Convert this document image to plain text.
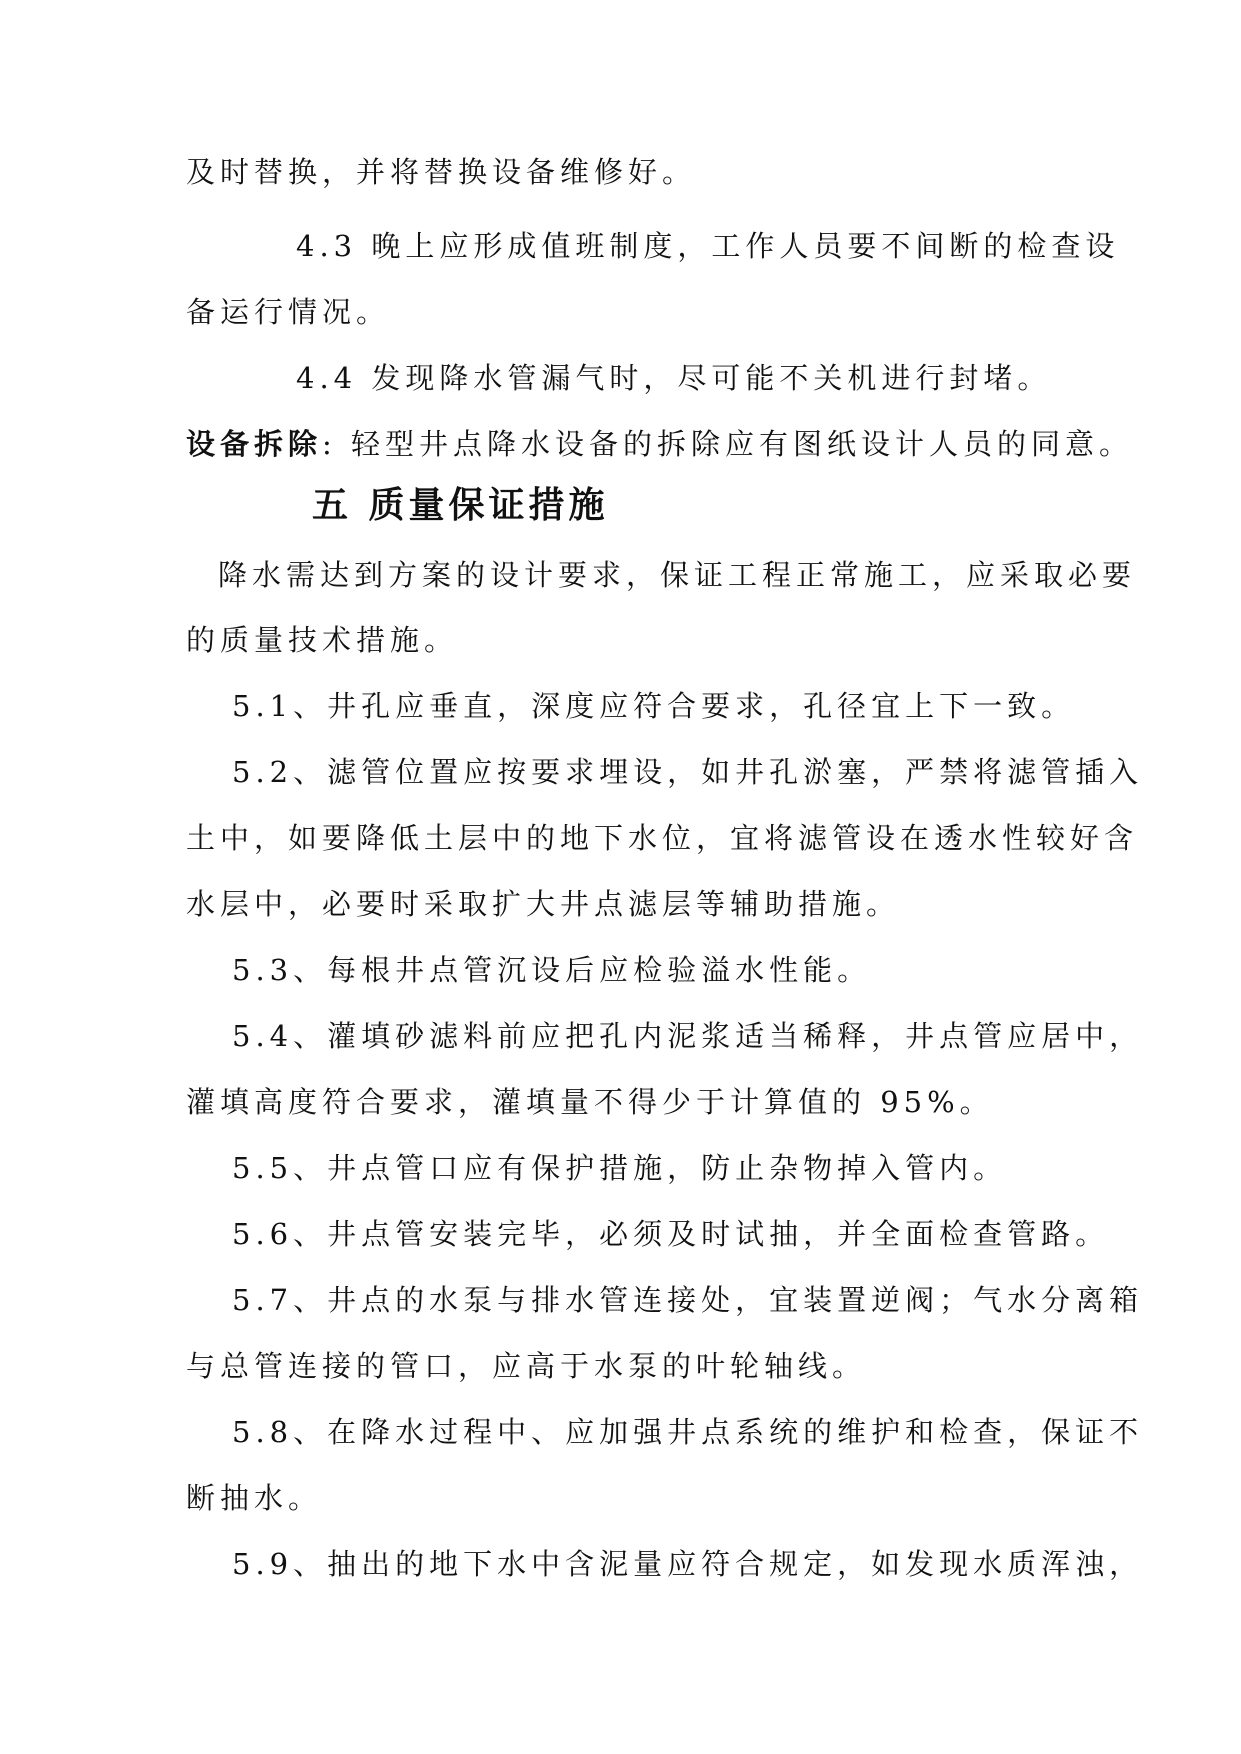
及时替换，并将替换设备维修好。
4.3 晚上应形成值班制度，工作人员要不间断的检查设
备运行情况。
4.4 发现降水管漏气时，尽可能不关机进行封堵。
设备拆除: 轻型井点降水设备的拆除应有图纸设计人员的同意。
五 质量保证措施
降水需达到方案的设计要求，保证工程正常施工，应采取必要
的质量技术措施。
5.1、井孔应垂直，深度应符合要求，孔径宜上下一致。
5.2、滤管位置应按要求埋设，如井孔淤塞，严禁将滤管插入
土中，如要降低土层中的地下水位，宜将滤管设在透水性较好含
水层中，必要时采取扩大井点滤层等辅助措施。
5.3、每根井点管沉设后应检验溢水性能。
5.4、灌填砂滤料前应把孔内泥浆适当稀释，井点管应居中，
灌填高度符合要求，灌填量不得少于计算值的 95%。
5.5、井点管口应有保护措施，防止杂物掉入管内。
5.6、井点管安装完毕，必须及时试抽，并全面检查管路。
5.7、井点的水泵与排水管连接处，宜装置逆阀；气水分离箱
与总管连接的管口，应高于水泵的叶轮轴线。
5.8、在降水过程中、应加强井点系统的维护和检查，保证不
断抽水。
5.9、抽出的地下水中含泥量应符合规定，如发现水质浑浊，
